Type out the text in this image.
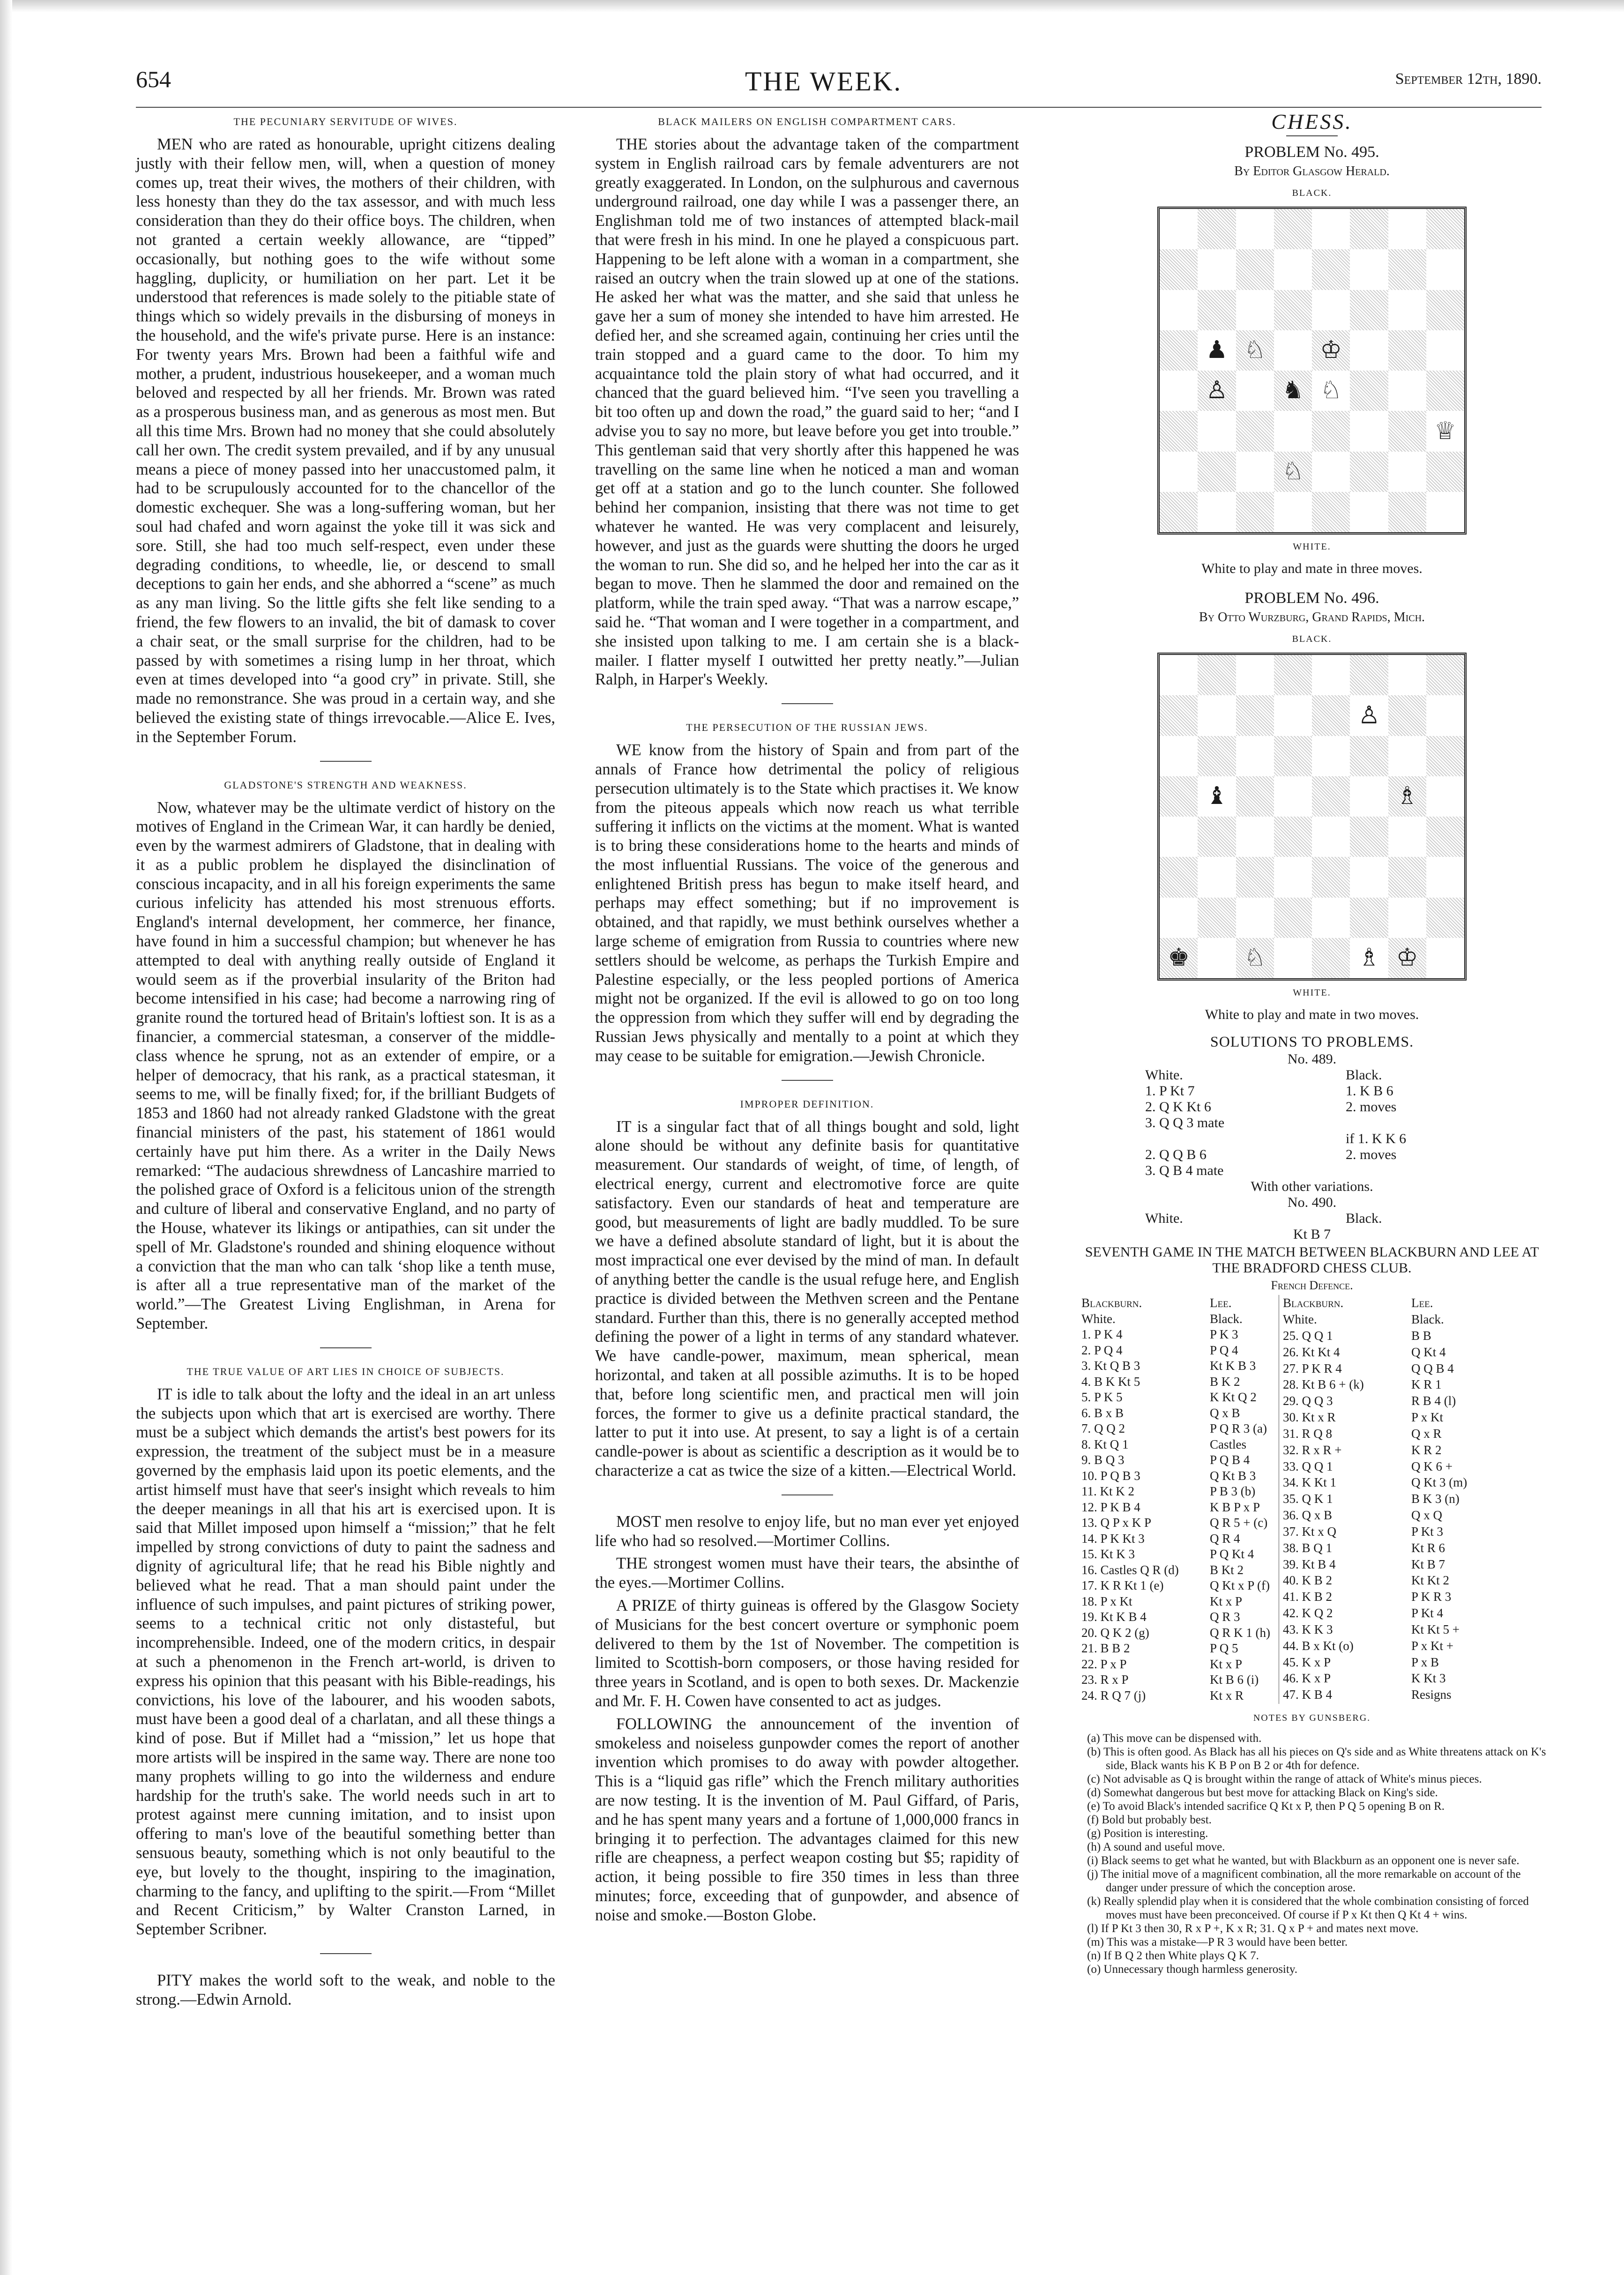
654	THE WEEK.	September 12th, 1890.
THE PECUNIARY SERVITUDE OF WIVES.

MEN who are rated as honourable, upright citizens dealing justly with their fellow men, will, when a question of money comes up, treat their wives, the mothers of their children, with less honesty than they do the tax assessor, and with much less consideration than they do their office boys. The children, when not granted a certain weekly allowance, are “tipped” occasionally, but nothing goes to the wife without some haggling, duplicity, or humiliation on her part. Let it be understood that references is made solely to the pitiable state of things which so widely prevails in the disbursing of moneys in the household, and the wife's private purse. Here is an instance: For twenty years Mrs. Brown had been a faithful wife and mother, a prudent, industrious housekeeper, and a woman much beloved and respected by all her friends. Mr. Brown was rated as a prosperous business man, and as generous as most men. But all this time Mrs. Brown had no money that she could absolutely call her own. The credit system prevailed, and if by any unusual means a piece of money passed into her unaccustomed palm, it had to be scrupulously accounted for to the chancellor of the domestic exchequer. She was a long-suffering woman, but her soul had chafed and worn against the yoke till it was sick and sore. Still, she had too much self-respect, even under these degrading conditions, to wheedle, lie, or descend to small deceptions to gain her ends, and she abhorred a “scene” as much as any man living. So the little gifts she felt like sending to a friend, the few flowers to an invalid, the bit of damask to cover a chair seat, or the small surprise for the children, had to be passed by with sometimes a rising lump in her throat, which even at times developed into “a good cry” in private. Still, she made no remonstrance. She was proud in a certain way, and she believed the existing state of things irrevocable.—Alice E. Ives, in the September Forum.

GLADSTONE'S STRENGTH AND WEAKNESS.

Now, whatever may be the ultimate verdict of history on the motives of England in the Crimean War, it can hardly be denied, even by the warmest admirers of Gladstone, that in dealing with it as a public problem he displayed the disinclination of conscious incapacity, and in all his foreign experiments the same curious infelicity has attended his most strenuous efforts. England's internal development, her commerce, her finance, have found in him a successful champion; but whenever he has attempted to deal with anything really outside of England it would seem as if the proverbial insularity of the Briton had become intensified in his case; had become a narrowing ring of granite round the tortured head of Britain's loftiest son. It is as a financier, a commercial statesman, a conserver of the middle-class whence he sprung, not as an extender of empire, or a helper of democracy, that his rank, as a practical statesman, it seems to me, will be finally fixed; for, if the brilliant Budgets of 1853 and 1860 had not already ranked Gladstone with the great financial ministers of the past, his statement of 1861 would certainly have put him there. As a writer in the Daily News remarked: “The audacious shrewdness of Lancashire married to the polished grace of Oxford is a felicitous union of the strength and culture of liberal and conservative England, and no party of the House, whatever its likings or antipathies, can sit under the spell of Mr. Gladstone's rounded and shining eloquence without a conviction that the man who can talk ‘shop like a tenth muse, is after all a true representative man of the market of the world.”—The Greatest Living Englishman, in Arena for September.

THE TRUE VALUE OF ART LIES IN CHOICE OF SUBJECTS.

IT is idle to talk about the lofty and the ideal in an art unless the subjects upon which that art is exercised are worthy. There must be a subject which demands the artist's best powers for its expression, the treatment of the subject must be in a measure governed by the emphasis laid upon its poetic elements, and the artist himself must have that seer's insight which reveals to him the deeper meanings in all that his art is exercised upon. It is said that Millet imposed upon himself a “mission;” that he felt impelled by strong convictions of duty to paint the sadness and dignity of agricultural life; that he read his Bible nightly and believed what he read. That a man should paint under the influence of such impulses, and paint pictures of striking power, seems to a technical critic not only distasteful, but incomprehensible. Indeed, one of the modern critics, in despair at such a phenomenon in the French art-world, is driven to express his opinion that this peasant with his Bible-readings, his convictions, his love of the labourer, and his wooden sabots, must have been a good deal of a charlatan, and all these things a kind of pose. But if Millet had a “mission,” let us hope that more artists will be inspired in the same way. There are none too many prophets willing to go into the wilderness and endure hardship for the truth's sake. The world needs such in art to protest against mere cunning imitation, and to insist upon offering to man's love of the beautiful something better than sensuous beauty, something which is not only beautiful to the eye, but lovely to the thought, inspiring to the imagination, charming to the fancy, and uplifting to the spirit.—From “Millet and Recent Criticism,” by Walter Cranston Larned, in September Scribner.

PITY makes the world soft to the weak, and noble to the strong.—Edwin Arnold.

BLACK MAILERS ON ENGLISH COMPARTMENT CARS.

THE stories about the advantage taken of the compartment system in English railroad cars by female adventurers are not greatly exaggerated. In London, on the sulphurous and cavernous underground railroad, one day while I was a passenger there, an Englishman told me of two instances of attempted black-mail that were fresh in his mind. In one he played a conspicuous part. Happening to be left alone with a woman in a compartment, she raised an outcry when the train slowed up at one of the stations. He asked her what was the matter, and she said that unless he gave her a sum of money she intended to have him arrested. He defied her, and she screamed again, continuing her cries until the train stopped and a guard came to the door. To him my acquaintance told the plain story of what had occurred, and it chanced that the guard believed him. “I've seen you travelling a bit too often up and down the road,” the guard said to her; “and I advise you to say no more, but leave before you get into trouble.” This gentleman said that very shortly after this happened he was travelling on the same line when he noticed a man and woman get off at a station and go to the lunch counter. She followed behind her companion, insisting that there was not time to get whatever he wanted. He was very complacent and leisurely, however, and just as the guards were shutting the doors he urged the woman to run. She did so, and he helped her into the car as it began to move. Then he slammed the door and remained on the platform, while the train sped away. “That was a narrow escape,” said he. “That woman and I were together in a compartment, and she insisted upon talking to me. I am certain she is a black-mailer. I flatter myself I outwitted her pretty neatly.”—Julian Ralph, in Harper's Weekly.

THE PERSECUTION OF THE RUSSIAN JEWS.

WE know from the history of Spain and from part of the annals of France how detrimental the policy of religious persecution ultimately is to the State which practises it. We know from the piteous appeals which now reach us what terrible suffering it inflicts on the victims at the moment. What is wanted is to bring these considerations home to the hearts and minds of the most influential Russians. The voice of the generous and enlightened British press has begun to make itself heard, and perhaps may effect something; but if no improvement is obtained, and that rapidly, we must bethink ourselves whether a large scheme of emigration from Russia to countries where new settlers should be welcome, as perhaps the Turkish Empire and Palestine especially, or the less peopled portions of America might not be organized. If the evil is allowed to go on too long the oppression from which they suffer will end by degrading the Russian Jews physically and mentally to a point at which they may cease to be suitable for emigration.—Jewish Chronicle.

IMPROPER DEFINITION.

IT is a singular fact that of all things bought and sold, light alone should be without any definite basis for quantitative measurement. Our standards of weight, of time, of length, of electrical energy, current and electromotive force are quite satisfactory. Even our standards of heat and temperature are good, but measurements of light are badly muddled. To be sure we have a defined absolute standard of light, but it is about the most impractical one ever devised by the mind of man. In default of anything better the candle is the usual refuge here, and English practice is divided between the Methven screen and the Pentane standard. Further than this, there is no generally accepted method defining the power of a light in terms of any standard whatever. We have candle-power, maximum, mean spherical, mean horizontal, and taken at all possible azimuths. It is to be hoped that, before long scientific men, and practical men will join forces, the former to give us a definite practical standard, the latter to put it into use. At present, to say a light is of a certain candle-power is about as scientific a description as it would be to characterize a cat as twice the size of a kitten.—Electrical World.

MOST men resolve to enjoy life, but no man ever yet enjoyed life who had so resolved.—Mortimer Collins.

THE strongest women must have their tears, the absinthe of the eyes.—Mortimer Collins.

A PRIZE of thirty guineas is offered by the Glasgow Society of Musicians for the best concert overture or symphonic poem delivered to them by the 1st of November. The competition is limited to Scottish-born composers, or those having resided for three years in Scotland, and is open to both sexes. Dr. Mackenzie and Mr. F. H. Cowen have consented to act as judges.

FOLLOWING the announcement of the invention of smokeless and noiseless gunpowder comes the report of another invention which promises to do away with powder altogether. This is a “liquid gas rifle” which the French military authorities are now testing. It is the invention of M. Paul Giffard, of Paris, and he has spent many years and a fortune of 1,000,000 francs in bringing it to perfection. The advantages claimed for this new rifle are cheapness, a perfect weapon costing but $5; rapidity of action, it being possible to fire 350 times in less than three minutes; force, exceeding that of gunpowder, and absence of noise and smoke.—Boston Globe.

CHESS.
PROBLEM No. 495.
By Editor Glasgow Herald.
BLACK.
♟ ♘	♔
♙	♞ ♘
♕
♘
WHITE.
White to play and mate in three moves.
PROBLEM No. 496.
By Otto Wurzburg, Grand Rapids, Mich.
BLACK.
♙
♝	♗
♚	♘	♗ ♔
WHITE.
White to play and mate in two moves.
SOLUTIONS TO PROBLEMS.
No. 489.
White.	Black.
1. P Kt 7	1. K B 6
2. Q K Kt 6	2. moves
3. Q Q 3 mate	
	if 1. K K 6
2. Q Q B 6	2. moves
3. Q B 4 mate	
With other variations.
No. 490.
White.	Black.
Kt B 7
SEVENTH GAME IN THE MATCH BETWEEN BLACKBURN AND LEE AT THE BRADFORD CHESS CLUB.
French Defence.
Blackburn.	Lee.
White.	Black.
1. P K 4	P K 3
2. P Q 4	P Q 4
3. Kt Q B 3	Kt K B 3
4. B K Kt 5	B K 2
5. P K 5	K Kt Q 2
6. B x B	Q x B
7. Q Q 2	P Q R 3 (a)
8. Kt Q 1	Castles
9. B Q 3	P Q B 4
10. P Q B 3	Q Kt B 3
11. Kt K 2	P B 3 (b)
12. P K B 4	K B P x P
13. Q P x K P	Q R 5 + (c)
14. P K Kt 3	Q R 4
15. Kt K 3	P Q Kt 4
16. Castles Q R (d)	B Kt 2
17. K R Kt 1 (e)	Q Kt x P (f)
18. P x Kt	Kt x P
19. Kt K B 4	Q R 3
20. Q K 2 (g)	Q R K 1 (h)
21. B B 2	P Q 5
22. P x P	Kt x P
23. R x P	Kt B 6 (i)
24. R Q 7 (j)	Kt x R
Blackburn.	Lee.
White.	Black.
25. Q Q 1	B B
26. Kt Kt 4	Q Kt 4
27. P K R 4	Q Q B 4
28. Kt B 6 + (k)	K R 1
29. Q Q 3	R B 4 (l)
30. Kt x R	P x Kt
31. R Q 8	Q x R
32. R x R +	K R 2
33. Q Q 1	Q K 6 +
34. K Kt 1	Q Kt 3 (m)
35. Q K 1	B K 3 (n)
36. Q x B	Q x Q
37. Kt x Q	P Kt 3
38. B Q 1	Kt R 6
39. Kt B 4	Kt B 7
40. K B 2	Kt Kt 2
41. K B 2	P K R 3
42. K Q 2	P Kt 4
43. K K 3	Kt Kt 5 +
44. B x Kt (o)	P x Kt +
45. K x P	P x B
46. K x P	K Kt 3
47. K B 4	Resigns
NOTES BY GUNSBERG.
(a) This move can be dispensed with.
(b) This is often good. As Black has all his pieces on Q's side and as White threatens attack on K's side, Black wants his K B P on B 2 or 4th for defence.
(c) Not advisable as Q is brought within the range of attack of White's minus pieces.
(d) Somewhat dangerous but best move for attacking Black on King's side.
(e) To avoid Black's intended sacrifice Q Kt x P, then P Q 5 opening B on R.
(f) Bold but probably best.
(g) Position is interesting.
(h) A sound and useful move.
(i) Black seems to get what he wanted, but with Blackburn as an opponent one is never safe.
(j) The initial move of a magnificent combination, all the more remarkable on account of the danger under pressure of which the conception arose.
(k) Really splendid play when it is considered that the whole combination consisting of forced moves must have been preconceived. Of course if P x Kt then Q Kt 4 + wins.
(l) If P Kt 3 then 30, R x P +, K x R; 31. Q x P + and mates next move.
(m) This was a mistake—P R 3 would have been better.
(n) If B Q 2 then White plays Q K 7.
(o) Unnecessary though harmless generosity.
